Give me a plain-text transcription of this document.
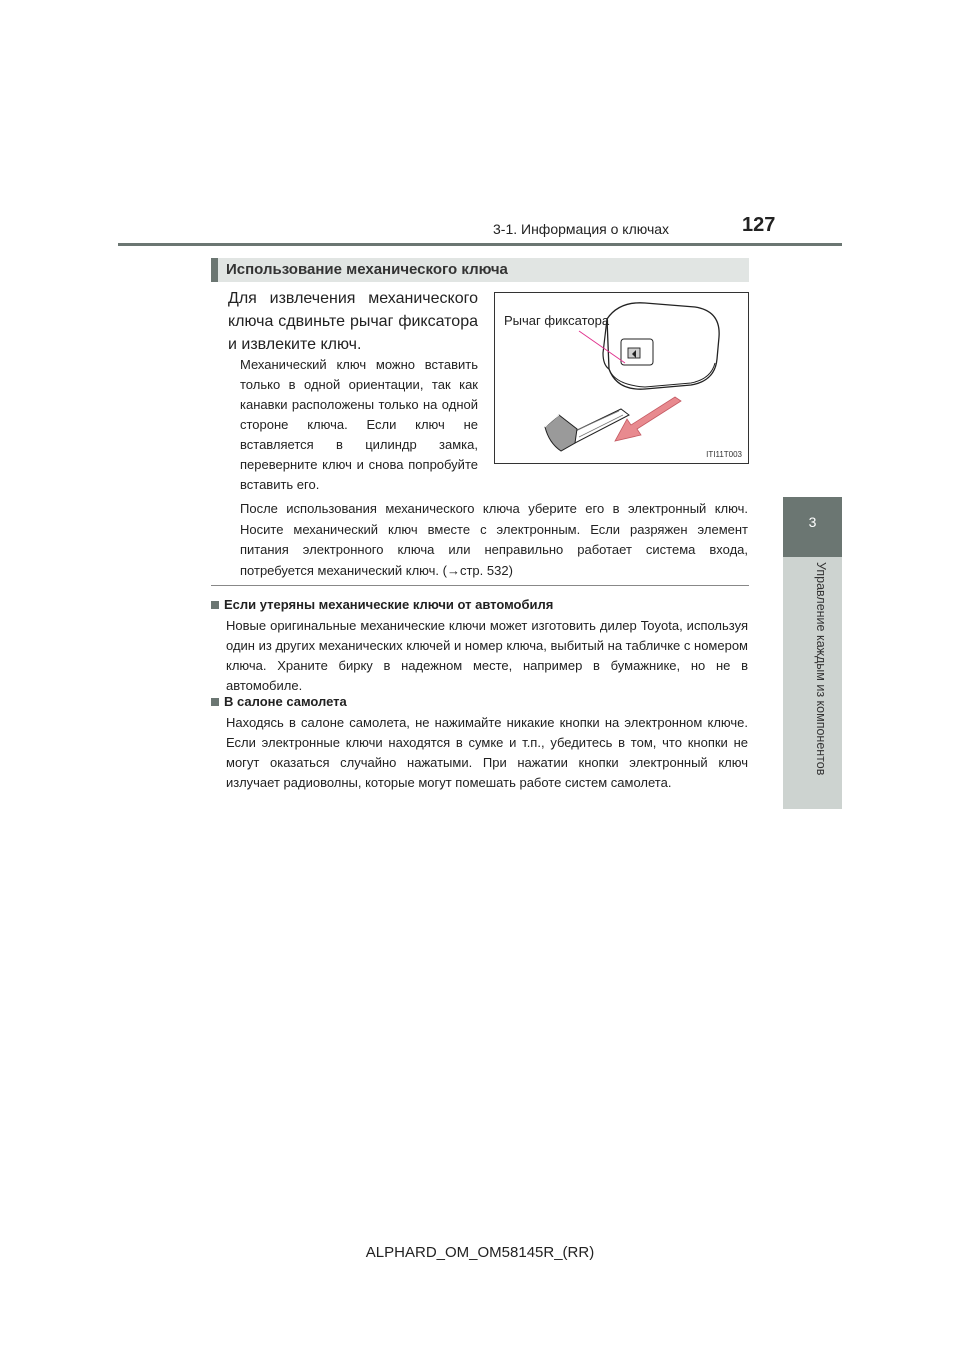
3-1. Информация о ключах	127
3
Управление каждым из компонентов
Использование механического ключа
Для извлечения механического ключа сдвиньте рычаг фиксатора и извлеките ключ.
Механический ключ можно вставить только в одной ориентации, так как канавки расположены только на одной стороне ключа. Если ключ не вставляется в цилиндр замка, переверните ключ и снова попробуйте вставить его.
Рычаг фиксатора
ITI11T003
После использования механического ключа уберите его в электронный ключ. Носите механический ключ вместе с электронным. Если разряжен элемент питания электронного ключа или неправильно работает система входа, потребуется механический ключ. (→стр. 532)
Если утеряны механические ключи от автомобиля
Новые оригинальные механические ключи может изготовить дилер Toyota, используя один из других механических ключей и номер ключа, выбитый на табличке с номером ключа. Храните бирку в надежном месте, например в бумажнике, но не в автомобиле.
В салоне самолета
Находясь в салоне самолета, не нажимайте никакие кнопки на электронном ключе. Если электронные ключи находятся в сумке и т.п., убедитесь в том, что кнопки не могут оказаться случайно нажатыми. При нажатии кнопки электронный ключ излучает радиоволны, которые могут помешать работе систем самолета.
ALPHARD_OM_OM58145R_(RR)
